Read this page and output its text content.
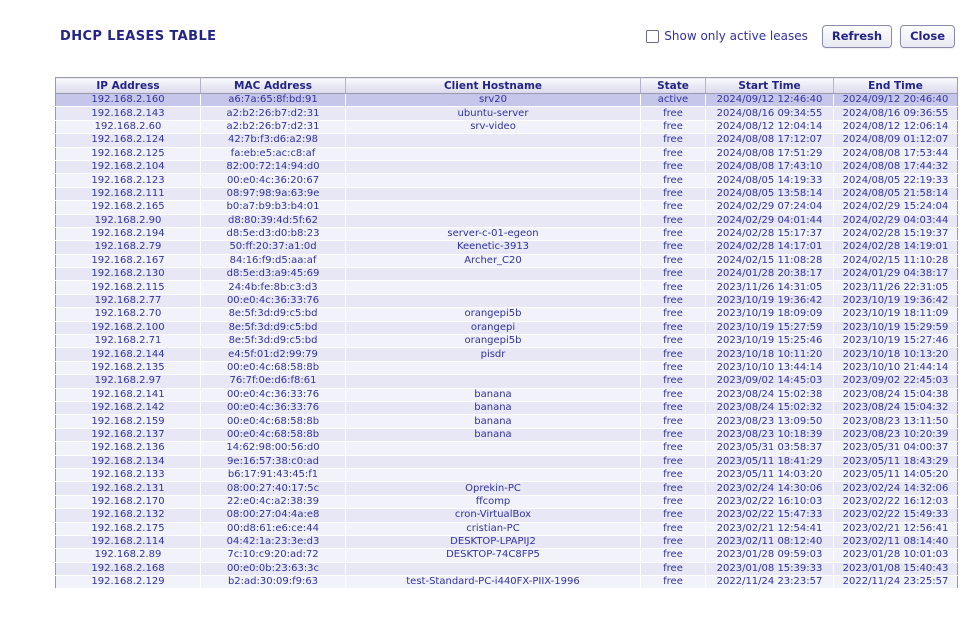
DHCP LEASES TABLE	Show only active leases	Refresh	Close
IP Address	MAC Address	Client Hostname	State	Start Time	End Time
192.168.2.160	a6:7a:65:8f:bd:91	srv20	active	2024/09/12 12:46:40	2024/09/12 20:46:40
192.168.2.143	a2:b2:26:b7:d2:31	ubuntu-server	free	2024/08/16 09:34:55	2024/08/16 09:36:55
192.168.2.60	a2:b2:26:b7:d2:31	srv-video	free	2024/08/12 12:04:14	2024/08/12 12:06:14
192.168.2.124	42:7b:f3:d6:a2:98		free	2024/08/08 17:12:07	2024/08/09 01:12:07
192.168.2.125	fa:eb:e5:ac:c8:af		free	2024/08/08 17:51:29	2024/08/08 17:53:44
192.168.2.104	82:00:72:14:94:d0		free	2024/08/08 17:43:10	2024/08/08 17:44:32
192.168.2.123	00:e0:4c:36:20:67		free	2024/08/05 14:19:33	2024/08/05 22:19:33
192.168.2.111	08:97:98:9a:63:9e		free	2024/08/05 13:58:14	2024/08/05 21:58:14
192.168.2.165	b0:a7:b9:b3:b4:01		free	2024/02/29 07:24:04	2024/02/29 15:24:04
192.168.2.90	d8:80:39:4d:5f:62		free	2024/02/29 04:01:44	2024/02/29 04:03:44
192.168.2.194	d8:5e:d3:d0:b8:23	server-c-01-egeon	free	2024/02/28 15:17:37	2024/02/28 15:19:37
192.168.2.79	50:ff:20:37:a1:0d	Keenetic-3913	free	2024/02/28 14:17:01	2024/02/28 14:19:01
192.168.2.167	84:16:f9:d5:aa:af	Archer_C20	free	2024/02/15 11:08:28	2024/02/15 11:10:28
192.168.2.130	d8:5e:d3:a9:45:69		free	2024/01/28 20:38:17	2024/01/29 04:38:17
192.168.2.115	24:4b:fe:8b:c3:d3		free	2023/11/26 14:31:05	2023/11/26 22:31:05
192.168.2.77	00:e0:4c:36:33:76		free	2023/10/19 19:36:42	2023/10/19 19:36:42
192.168.2.70	8e:5f:3d:d9:c5:bd	orangepi5b	free	2023/10/19 18:09:09	2023/10/19 18:11:09
192.168.2.100	8e:5f:3d:d9:c5:bd	orangepi	free	2023/10/19 15:27:59	2023/10/19 15:29:59
192.168.2.71	8e:5f:3d:d9:c5:bd	orangepi5b	free	2023/10/19 15:25:46	2023/10/19 15:27:46
192.168.2.144	e4:5f:01:d2:99:79	pisdr	free	2023/10/18 10:11:20	2023/10/18 10:13:20
192.168.2.135	00:e0:4c:68:58:8b		free	2023/10/10 13:44:14	2023/10/10 21:44:14
192.168.2.97	76:7f:0e:d6:f8:61		free	2023/09/02 14:45:03	2023/09/02 22:45:03
192.168.2.141	00:e0:4c:36:33:76	banana	free	2023/08/24 15:02:38	2023/08/24 15:04:38
192.168.2.142	00:e0:4c:36:33:76	banana	free	2023/08/24 15:02:32	2023/08/24 15:04:32
192.168.2.159	00:e0:4c:68:58:8b	banana	free	2023/08/23 13:09:50	2023/08/23 13:11:50
192.168.2.137	00:e0:4c:68:58:8b	banana	free	2023/08/23 10:18:39	2023/08/23 10:20:39
192.168.2.136	14:62:98:00:56:d0		free	2023/05/31 03:58:37	2023/05/31 04:00:37
192.168.2.134	9e:16:57:38:c0:ad		free	2023/05/11 18:41:29	2023/05/11 18:43:29
192.168.2.133	b6:17:91:43:45:f1		free	2023/05/11 14:03:20	2023/05/11 14:05:20
192.168.2.131	08:00:27:40:17:5c	Oprekin-PC	free	2023/02/24 14:30:06	2023/02/24 14:32:06
192.168.2.170	22:e0:4c:a2:38:39	ffcomp	free	2023/02/22 16:10:03	2023/02/22 16:12:03
192.168.2.132	08:00:27:04:4a:e8	cron-VirtualBox	free	2023/02/22 15:47:33	2023/02/22 15:49:33
192.168.2.175	00:d8:61:e6:ce:44	cristian-PC	free	2023/02/21 12:54:41	2023/02/21 12:56:41
192.168.2.114	04:42:1a:23:3e:d3	DESKTOP-LPAPIJ2	free	2023/02/11 08:12:40	2023/02/11 08:14:40
192.168.2.89	7c:10:c9:20:ad:72	DESKTOP-74C8FP5	free	2023/01/28 09:59:03	2023/01/28 10:01:03
192.168.2.168	00:e0:0b:23:63:3c		free	2023/01/08 15:39:33	2023/01/08 15:40:43
192.168.2.129	b2:ad:30:09:f9:63	test-Standard-PC-i440FX-PIIX-1996	free	2022/11/24 23:23:57	2022/11/24 23:25:57
